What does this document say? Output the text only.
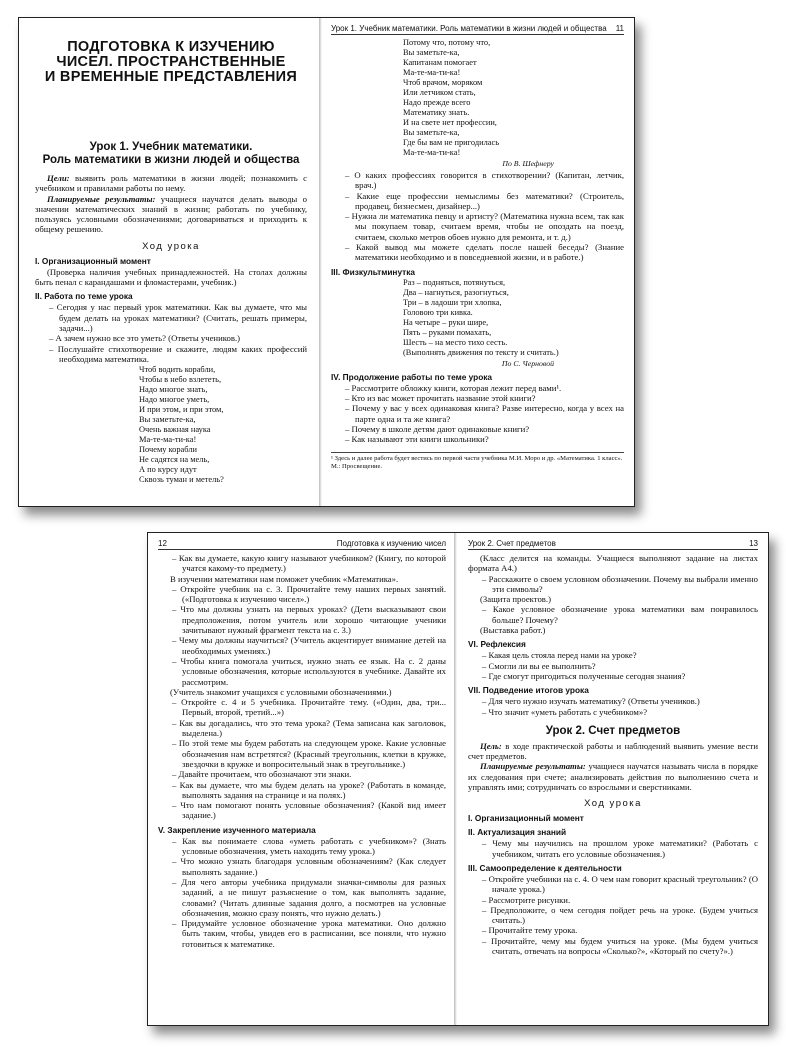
ПОДГОТОВКА К ИЗУЧЕНИЮ
ЧИСЕЛ. ПРОСТРАНСТВЕННЫЕ
И ВРЕМЕННЫЕ ПРЕДСТАВЛЕНИЯ
Урок 1. Учебник математики.
Роль математики в жизни людей и общества

Цели: выявить роль математики в жизни людей; познакомить с учебником и правилами работы по нему.

Планируемые результаты: учащиеся научатся делать выводы о значении математических знаний в жизни; работать по учебнику, пользуясь условными обозначениями; договариваться и приходить к общему решению.

Ход урока
I. Организационный момент

(Проверка наличия учебных принадлежностей. На столах должны быть пенал с карандашами и фломастерами, учебник.)

II. Работа по теме урока

– Сегодня у нас первый урок математики. Как вы думаете, что мы будем делать на уроках математики? (Считать, решать примеры, задачи...)

– А зачем нужно все это уметь? (Ответы учеников.)

– Послушайте стихотворение и скажите, людям каких профессий необходима математика.

Чтоб водить корабли,
Чтобы в небо взлететь,
Надо многое знать,
Надо многое уметь,
И при этом, и при этом,
Вы заметьте-ка,
Очень важная наука
Ма-те-ма-ти-ка!
Почему корабли
Не садятся на мель,
А по курсу идут
Сквозь туман и метель?
Урок 1. Учебник математики. Роль математики в жизни людей и общества 11
Потому что, потому что,
Вы заметьте-ка,
Капитанам помогает
Ма-те-ма-ти-ка!
Чтоб врачом, моряком
Или летчиком стать,
Надо прежде всего
Математику знать.
И на свете нет профессии,
Вы заметьте-ка,
Где бы вам не пригодилась
Ма-те-ма-ти-ка!
По В. Шефнеру

– О каких профессиях говорится в стихотворении? (Капитан, летчик, врач.)

– Какие еще профессии немыслимы без математики? (Строитель, продавец, бизнесмен, дизайнер...)

– Нужна ли математика певцу и артисту? (Математика нужна всем, так как мы покупаем товар, считаем время, чтобы не опоздать на поезд, считаем, сколько метров обоев нужно для ремонта, и т. д.)

– Какой вывод мы можете сделать после нашей беседы? (Знание математики необходимо и в повседневной жизни, и в работе.)

III. Физкультминутка
Раз – подняться, потянуться,
Два – нагнуться, разогнуться,
Три – в ладоши три хлопка,
Головою три кивка.
На четыре – руки шире,
Пять – руками помахать,
Шесть – на место тихо сесть.
(Выполнять движения по тексту и считать.)
По С. Черновой
IV. Продолжение работы по теме урока

– Рассмотрите обложку книги, которая лежит перед вами¹.

– Кто из вас может прочитать название этой книги?

– Почему у вас у всех одинаковая книга? Разве интересно, когда у всех на парте одна и та же книга?

– Почему в школе детям дают одинаковые книги?

– Как называют эти книги школьники?

¹ Здесь и далее работа будет вестись по первой части учебника М.И. Моро и др. «Математика. 1 класс». М.: Просвещение.
12	Подготовка к изучению чисел

– Как вы думаете, какую книгу называют учебником? (Книгу, по которой учатся какому-то предмету.)

В изучении математики нам поможет учебник «Математика».

– Откройте учебник на с. 3. Прочитайте тему наших первых занятий. («Подготовка к изучению чисел».)

– Что мы должны узнать на первых уроках? (Дети высказывают свои предположения, потом учитель или хорошо читающие ученики зачитывают нужный фрагмент текста на с. 3.)

– Чему мы должны научиться? (Учитель акцентирует внимание детей на необходимых умениях.)

– Чтобы книга помогала учиться, нужно знать ее язык. На с. 2 даны условные обозначения, которые используются в учебнике. Давайте их рассмотрим.

(Учитель знакомит учащихся с условными обозначениями.)

– Откройте с. 4 и 5 учебника. Прочитайте тему. («Один, два, три... Первый, второй, третий...»)

– Как вы догадались, что это тема урока? (Тема записана как заголовок, выделена.)

– По этой теме мы будем работать на следующем уроке. Какие условные обозначения нам встретятся? (Красный треугольник, клетки в кружке, звездочки в кружке и вопросительный знак в треугольнике.)

– Давайте прочитаем, что обозначают эти знаки.

– Как вы думаете, что мы будем делать на уроке? (Работать в команде, выполнять задания на странице и на полях.)

– Что нам помогают понять условные обозначения? (Какой вид имеет задание.)

V. Закрепление изученного материала

– Как вы понимаете слова «уметь работать с учебником»? (Знать условные обозначения, уметь находить тему урока.)

– Что можно узнать благодаря условным обозначениям? (Как следует выполнять задание.)

– Для чего авторы учебника придумали значки-символы для разных заданий, а не пишут разъяснение о том, как выполнять задание, словами? (Читать длинные задания долго, а посмотрев на условные обозначения, можно сразу понять, что нужно делать.)

– Придумайте условное обозначение урока математики. Оно должно быть таким, чтобы, увидев его в расписании, все поняли, что нужно готовиться к математике.

Урок 2. Счет предметов	13

(Класс делится на команды. Учащиеся выполняют задание на листах формата А4.)

– Расскажите о своем условном обозначении. Почему вы выбрали именно эти символы?

(Защита проектов.)

– Какое условное обозначение урока математики вам понравилось больше? Почему?

(Выставка работ.)

VI. Рефлексия

– Какая цель стояла перед нами на уроке?

– Смогли ли вы ее выполнить?

– Где смогут пригодиться полученные сегодня знания?

VII. Подведение итогов урока

– Для чего нужно изучать математику? (Ответы учеников.)

– Что значит «уметь работать с учебником»?

Урок 2. Счет предметов

Цель: в ходе практической работы и наблюдений выявить умение вести счет предметов.

Планируемые результаты: учащиеся научатся называть числа в порядке их следования при счете; анализировать действия по выполнению счета и управлять ими; сотрудничать со взрослыми и сверстниками.

Ход урока
I. Организационный момент
II. Актуализация знаний

– Чему мы научились на прошлом уроке математики? (Работать с учебником, читать его условные обозначения.)

III. Самоопределение к деятельности

– Откройте учебники на с. 4. О чем нам говорит красный треугольник? (О начале урока.)

– Рассмотрите рисунки.

– Предположите, о чем сегодня пойдет речь на уроке. (Будем учиться считать.)

– Прочитайте тему урока.

– Прочитайте, чему мы будем учиться на уроке. (Мы будем учиться считать, отвечать на вопросы «Сколько?», «Который по счету?».)
